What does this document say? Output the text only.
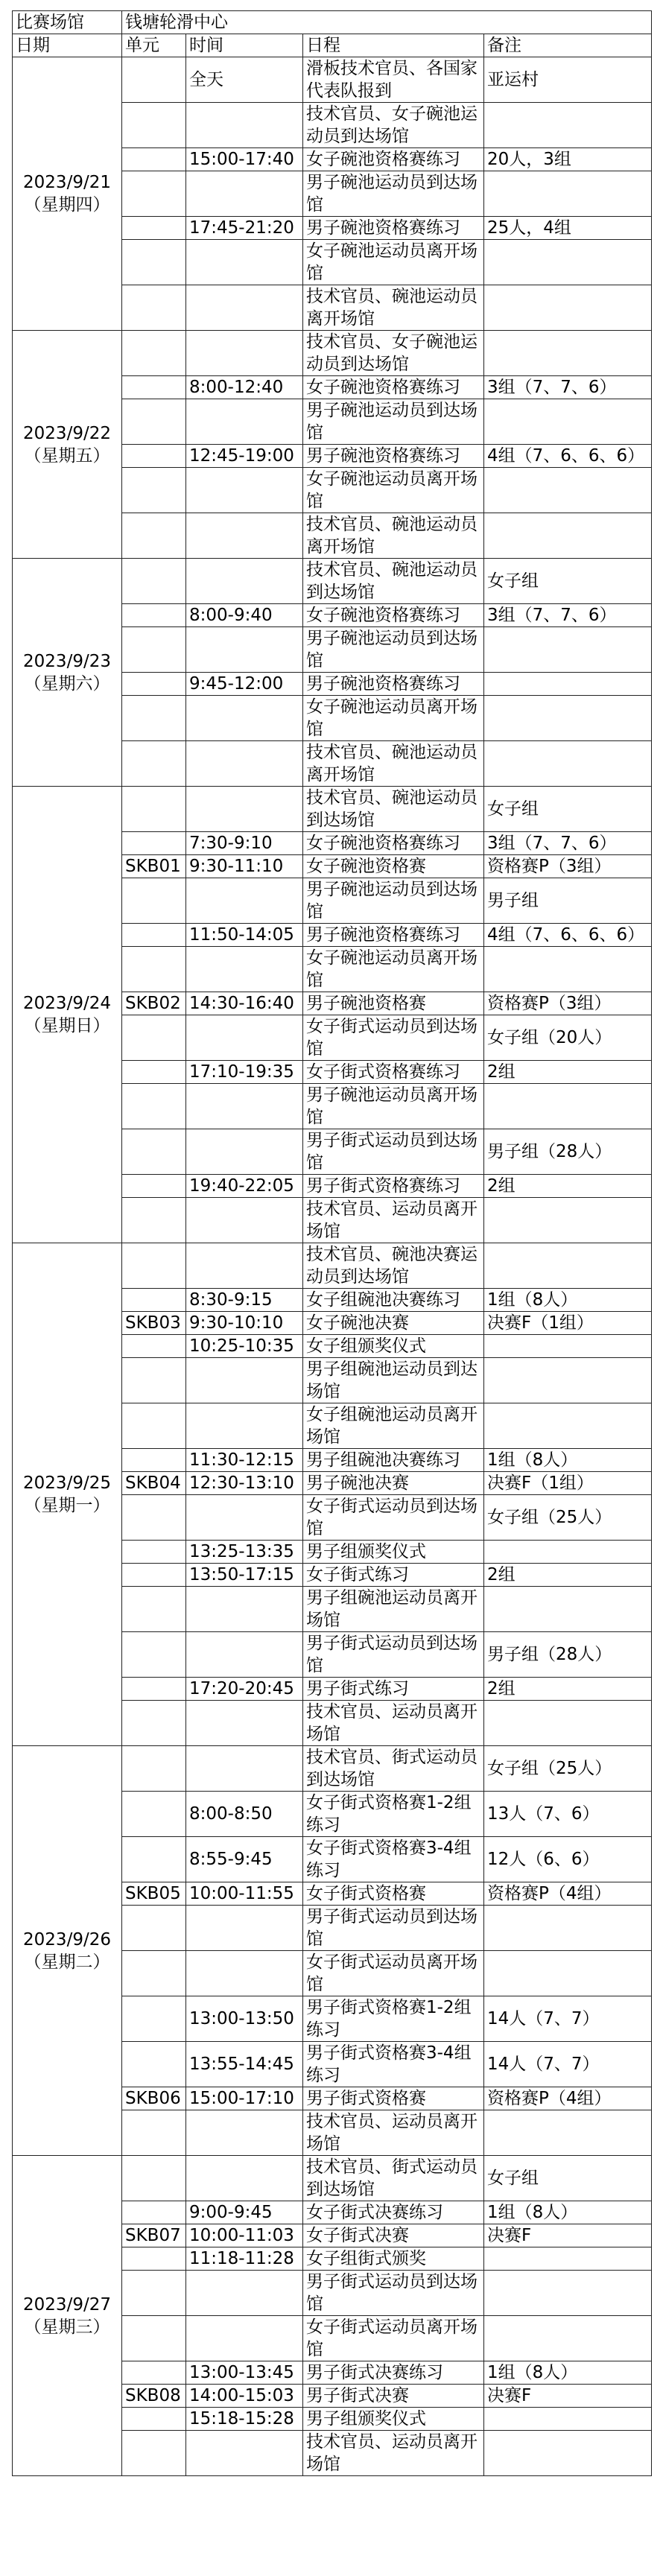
比赛场馆	钱塘轮滑中心			
日期	单元	时间	日程	备注

2023/9/21
（星期四）		全天	滑板技术官员、各国家代表队报到	亚运村
			技术官员、女子碗池运动员到达场馆	
		15:00-17:40	女子碗池资格赛练习	20人，3组
			男子碗池运动员到达场馆	
		17:45-21:20	男子碗池资格赛练习	25人，4组
			女子碗池运动员离开场馆	
			技术官员、碗池运动员离开场馆	

2023/9/22
（星期五）			技术官员、女子碗池运动员到达场馆	
		8:00-12:40	女子碗池资格赛练习	3组（7、7、6）
			男子碗池运动员到达场馆	
		12:45-19:00	男子碗池资格赛练习	4组（7、6、6、6）
			女子碗池运动员离开场馆	
			技术官员、碗池运动员离开场馆	

2023/9/23
（星期六）			技术官员、碗池运动员到达场馆	女子组
		8:00-9:40	女子碗池资格赛练习	3组（7、7、6）
			男子碗池运动员到达场馆	
		9:45-12:00	男子碗池资格赛练习	
			女子碗池运动员离开场馆	
			技术官员、碗池运动员离开场馆	

2023/9/24
（星期日）			技术官员、碗池运动员到达场馆	女子组
		7:30-9:10	女子碗池资格赛练习	3组（7、7、6）
	SKB01	9:30-11:10	女子碗池资格赛	资格赛P（3组）
			男子碗池运动员到达场馆	男子组
		11:50-14:05	男子碗池资格赛练习	4组（7、6、6、6）
			女子碗池运动员离开场馆	
	SKB02	14:30-16:40	男子碗池资格赛	资格赛P（3组）
			女子街式运动员到达场馆	女子组（20人）
		17:10-19:35	女子街式资格赛练习	2组
			男子碗池运动员离开场馆	
			男子街式运动员到达场馆	男子组（28人）
		19:40-22:05	男子街式资格赛练习	2组
			技术官员、运动员离开场馆	

2023/9/25
（星期一）			技术官员、碗池决赛运动员到达场馆	
		8:30-9:15	女子组碗池决赛练习	1组（8人）
	SKB03	9:30-10:10	女子碗池决赛	决赛F（1组）
		10:25-10:35	女子组颁奖仪式	
			男子组碗池运动员到达场馆	
			女子组碗池运动员离开场馆	
		11:30-12:15	男子组碗池决赛练习	1组（8人）
	SKB04	12:30-13:10	男子碗池决赛	决赛F（1组）
			女子街式运动员到达场馆	女子组（25人）
		13:25-13:35	男子组颁奖仪式	
		13:50-17:15	女子街式练习	2组
			男子组碗池运动员离开场馆	
			男子街式运动员到达场馆	男子组（28人）
		17:20-20:45	男子街式练习	2组
			技术官员、运动员离开场馆	

2023/9/26
（星期二）			技术官员、街式运动员到达场馆	女子组（25人）
		8:00-8:50	女子街式资格赛1-2组练习	13人（7、6）
		8:55-9:45	女子街式资格赛3-4组练习	12人（6、6）
	SKB05	10:00-11:55	女子街式资格赛	资格赛P（4组）
			男子街式运动员到达场馆	
			女子街式运动员离开场馆	
		13:00-13:50	男子街式资格赛1-2组练习	14人（7、7）
		13:55-14:45	男子街式资格赛3-4组练习	14人（7、7）
	SKB06	15:00-17:10	男子街式资格赛	资格赛P（4组）
			技术官员、运动员离开场馆	

2023/9/27
（星期三）			技术官员、街式运动员到达场馆	女子组
		9:00-9:45	女子街式决赛练习	1组（8人）
	SKB07	10:00-11:03	女子街式决赛	决赛F
		11:18-11:28	女子组街式颁奖	
			男子街式运动员到达场馆	
			女子街式运动员离开场馆	
		13:00-13:45	男子街式决赛练习	1组（8人）
	SKB08	14:00-15:03	男子街式决赛	决赛F
		15:18-15:28	男子组颁奖仪式	
			技术官员、运动员离开场馆	
